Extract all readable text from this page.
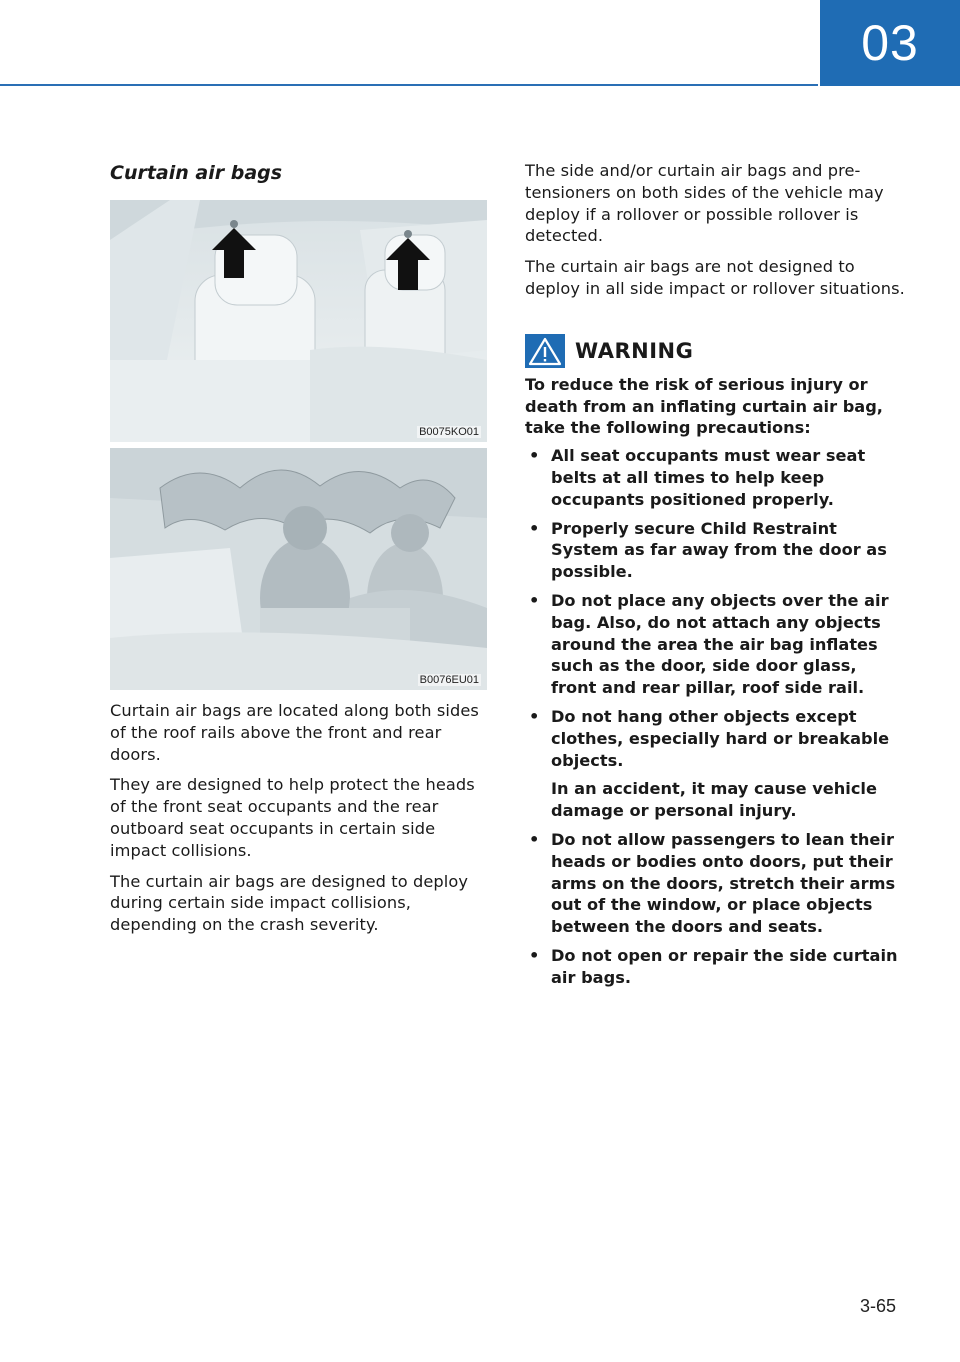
03
Curtain air bags
B0075KO01
B0076EU01

Curtain air bags are located along both sides of the roof rails above the front and rear doors.

They are designed to help protect the heads of the front seat occupants and the rear outboard seat occupants in certain side impact collisions.

The curtain air bags are designed to deploy during certain side impact collisions, depending on the crash severity.

The side and/or curtain air bags and pre-tensioners on both sides of the vehicle may deploy if a rollover or possible rollover is detected.

The curtain air bags are not designed to deploy in all side impact or rollover situations.

WARNING

To reduce the risk of serious injury or death from an inflating curtain air bag, take the following precautions:

• All seat occupants must wear seat belts at all times to help keep occupants positioned properly.
• Properly secure Child Restraint System as far away from the door as possible.
• Do not place any objects over the air bag. Also, do not attach any objects around the area the air bag inflates such as the door, side door glass, front and rear pillar, roof side rail.
• Do not hang other objects except clothes, especially hard or breakable objects.
In an accident, it may cause vehicle damage or personal injury.
• Do not allow passengers to lean their heads or bodies onto doors, put their arms on the doors, stretch their arms out of the window, or place objects between the doors and seats.
• Do not open or repair the side curtain air bags.
3-65
